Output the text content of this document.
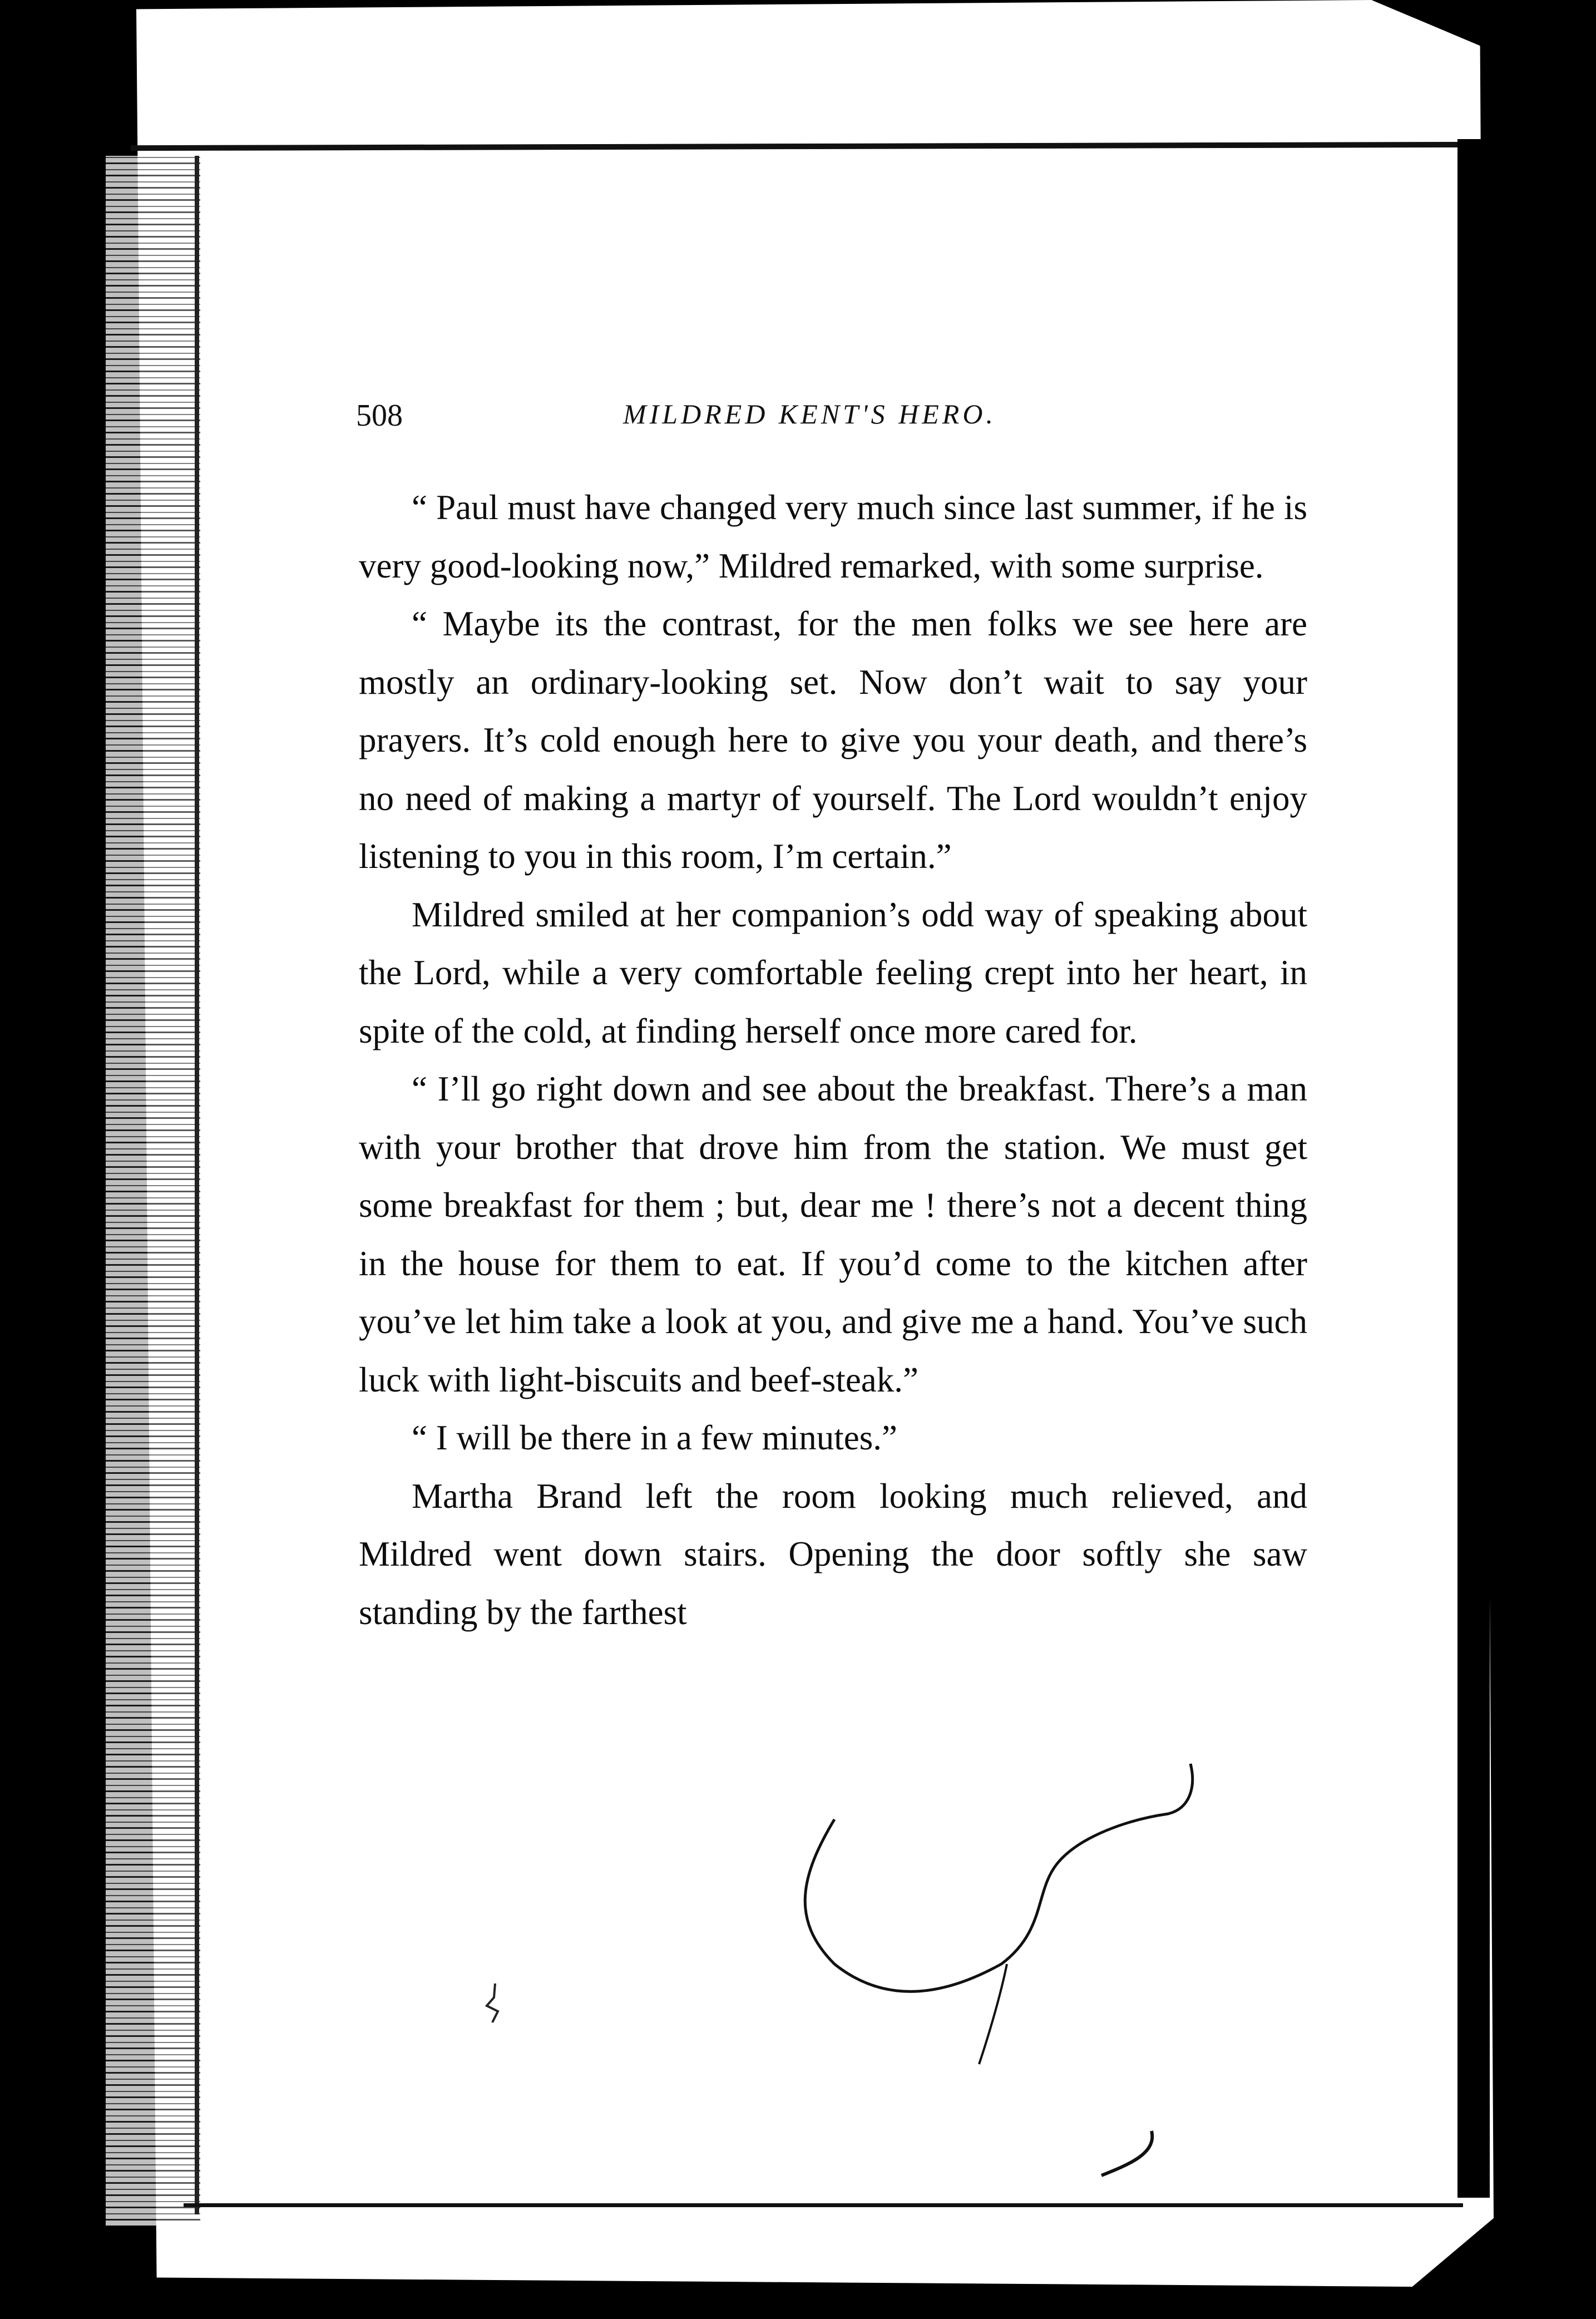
508	MILDRED KENT'S HERO.

“ Paul must have changed very much since last summer, if he is very good-looking now,” Mildred remarked, with some surprise.

“ Maybe its the contrast, for the men folks we see here are mostly an ordinary-looking set. Now don’t wait to say your prayers. It’s cold enough here to give you your death, and there’s no need of making a martyr of yourself. The Lord wouldn’t enjoy listening to you in this room, I’m certain.”

Mildred smiled at her companion’s odd way of speaking about the Lord, while a very comfortable feeling crept into her heart, in spite of the cold, at finding herself once more cared for.

“ I’ll go right down and see about the breakfast. There’s a man with your brother that drove him from the station. We must get some breakfast for them ; but, dear me ! there’s not a decent thing in the house for them to eat. If you’d come to the kitchen after you’ve let him take a look at you, and give me a hand. You’ve such luck with light-biscuits and beef-steak.”

“ I will be there in a few minutes.”

Martha Brand left the room looking much relieved, and Mildred went down stairs. Opening the door softly she saw standing by the farthest
